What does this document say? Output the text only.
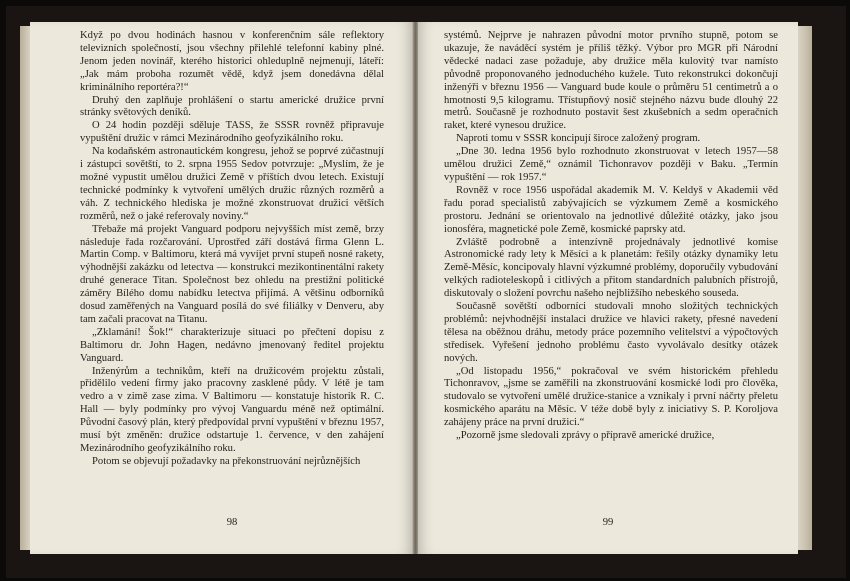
Když po dvou hodinách hasnou v konferenčním sále reflektory televizních společností, jsou všechny přilehlé telefonní kabiny plné. Jenom jeden novinář, kterého historici ohleduplně nejmenují, láteří: „Jak mám proboha rozumět vědě, když jsem donedávna dělal kriminálního reportéra?!“

Druhý den zaplňuje prohlášení o startu americké družice první stránky světových deníků.

O 24 hodin později sděluje TASS, že SSSR rovněž připravuje vypuštění družic v rámci Mezinárodního geofyzikálního roku.

Na kodaňském astronautickém kongresu, jehož se poprvé zúčastnují i zástupci sovětští, to 2. srpna 1955 Sedov potvrzuje: „Myslím, že je možné vypustit umělou družici Země v příštích dvou letech. Existují technické podmínky k vytvoření umělých družic různých rozměrů a váh. Z technického hlediska je možné zkonstruovat družici větších rozměrů, než o jaké referovaly noviny.“

Třebaže má projekt Vanguard podporu nejvyšších míst země, brzy následuje řada rozčarování. Uprostřed září dostává firma Glenn L. Martin Comp. v Baltimoru, která má vyvíjet první stupeň nosné rakety, výhodnější zakázku od letectva — konstrukci mezikontinentální rakety druhé generace Titan. Společnost bez ohledu na prestižní politické záměry Bílého domu nabídku letectva přijímá. A většinu odborníků dosud zaměřených na Vanguard posílá do své filiálky v Denveru, aby tam začali pracovat na Titanu.

„Zklamání! Šok!“ charakterizuje situaci po přečtení dopisu z Baltimoru dr. John Hagen, nedávno jmenovaný ředitel projektu Vanguard.

Inženýrům a technikům, kteří na družicovém projektu zůstali, přidělilo vedení firmy jako pracovny zasklené půdy. V létě je tam vedro a v zimě zase zima. V Baltimoru — konstatuje historik R. C. Hall — byly podmínky pro vývoj Vanguardu méně než optimální. Původní časový plán, který předpovídal první vypuštění v březnu 1957, musí být změněn: družice odstartuje 1. července, v den zahájení Mezinárodního geofyzikálního roku.

Potom se objevují požadavky na překonstruování nejrůznějších

98

systémů. Nejprve je nahrazen původní motor prvního stupně, potom se ukazuje, že naváděcí systém je příliš těžký. Výbor pro MGR při Národní vědecké nadaci zase požaduje, aby družice měla kulovitý tvar namísto původně proponovaného jednoduchého kuželе. Tuto rekonstrukci dokončují inženýři v březnu 1956 — Vanguard bude koule o průměru 51 centimetrů a o hmotnosti 9,5 kilogramu. Třístupňový nosič stejného názvu bude dlouhý 22 metrů. Současně je rozhodnuto postavit šest zkušebních a sedm operačních raket, které vynesou družice.

Naproti tomu v SSSR koncipují široce založený program.

„Dne 30. ledna 1956 bylo rozhodnuto zkonstruovat v letech 1957—58 umělou družici Země,“ oznámil Tichonravov později v Baku. „Termín vypuštění — rok 1957.“

Rovněž v roce 1956 uspořádal akademik M. V. Keldyš v Akademii věd řadu porad specialistů zabývajících se výzkumem Země a kosmického prostoru. Jednání se orientovalo na jednotlivé důležité otázky, jako jsou ionosféra, magnetické pole Země, kosmické paprsky atd.

Zvláště podrobně a intenzívně projednávaly jednotlivé komise Astronomické rady lety k Měsíci a k planetám: řešily otázky dynamiky letu Země-Měsíc, koncipovaly hlavní výzkumné problémy, doporučily vybudování velkých radioteleskopů i citlivých a přitom standardních palubních přístrojů, diskutovaly o složení povrchu našeho nejbližšího nebeského souseda.

Současně sovětští odborníci studovali mnoho složitých technických problémů: nejvhodnější instalaci družice ve hlavici rakety, přesné navedení tělesa na oběžnou dráhu, metody práce pozemního velitelství a výpočtových středisek. Vyřešení jednoho problému často vyvolávalo desítky otázek nových.

„Od listopadu 1956,“ pokračoval ve svém historickém přehledu Tichonravov, „jsme se zaměřili na zkonstruování kosmické lodi pro člověka, studovalo se vytvoření umělé družice-stanice a vznikaly i první náčrty přeletu kosmického aparátu na Měsíc. V téže době byly z iniciativy S. P. Koroljova zahájeny práce na první družici.“

„Pozorně jsme sledovali zprávy o přípravě americké družice,

99
